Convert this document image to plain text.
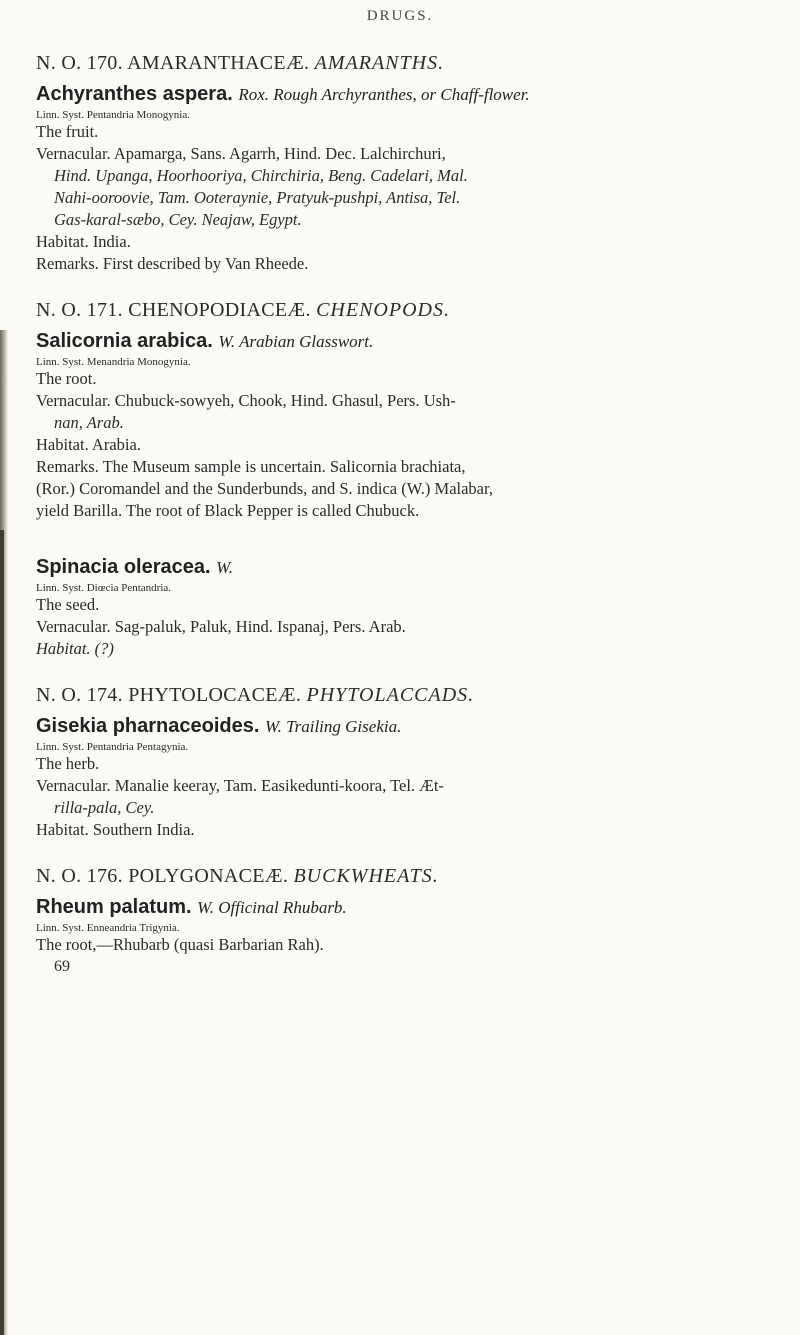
DRUGS.
N. O. 170. AMARANTHACEÆ. AMARANTHS.
Achyranthes aspera. Rox. Rough Archyranthes, or Chaff-flower.
Linn. Syst. Pentandria Monogynia.
The fruit.
Vernacular. Apamarga, Sans. Agarrh, Hind. Dec. Lalchirchuri,
Hind. Upanga, Hoorhooriya, Chirchiria, Beng. Cadelari, Mal.
Nahi-ooroovie, Tam. Ooteraynie, Pratyuk-pushpi, Antisa, Tel.
Gas-karal-sæbo, Cey. Neajaw, Egypt.
Habitat. India.
Remarks. First described by Van Rheede.
N. O. 171. CHENOPODIACEÆ. CHENOPODS.
Salicornia arabica. W. Arabian Glasswort.
Linn. Syst. Menandria Monogynia.
The root.
Vernacular. Chubuck-sowyeh, Chook, Hind. Ghasul, Pers. Ush-
nan, Arab.
Habitat. Arabia.
Remarks. The Museum sample is uncertain. Salicornia brachiata,
(Ror.) Coromandel and the Sunderbunds, and S. indica (W.) Malabar,
yield Barilla. The root of Black Pepper is called Chubuck.
Spinacia oleracea. W.
Linn. Syst. Diœcia Pentandria.
The seed.
Vernacular. Sag-paluk, Paluk, Hind. Ispanaj, Pers. Arab.
Habitat. (?)
N. O. 174. PHYTOLOCACEÆ. PHYTOLACCADS.
Gisekia pharnaceoides. W. Trailing Gisekia.
Linn. Syst. Pentandria Pentagynia.
The herb.
Vernacular. Manalie keeray, Tam. Easikedunti-koora, Tel. Æt-
rilla-pala, Cey.
Habitat. Southern India.
N. O. 176. POLYGONACEÆ. BUCKWHEATS.
Rheum palatum. W. Officinal Rhubarb.
Linn. Syst. Enneandria Trigynia.
The root,—Rhubarb (quasi Barbarian Rah).
69
